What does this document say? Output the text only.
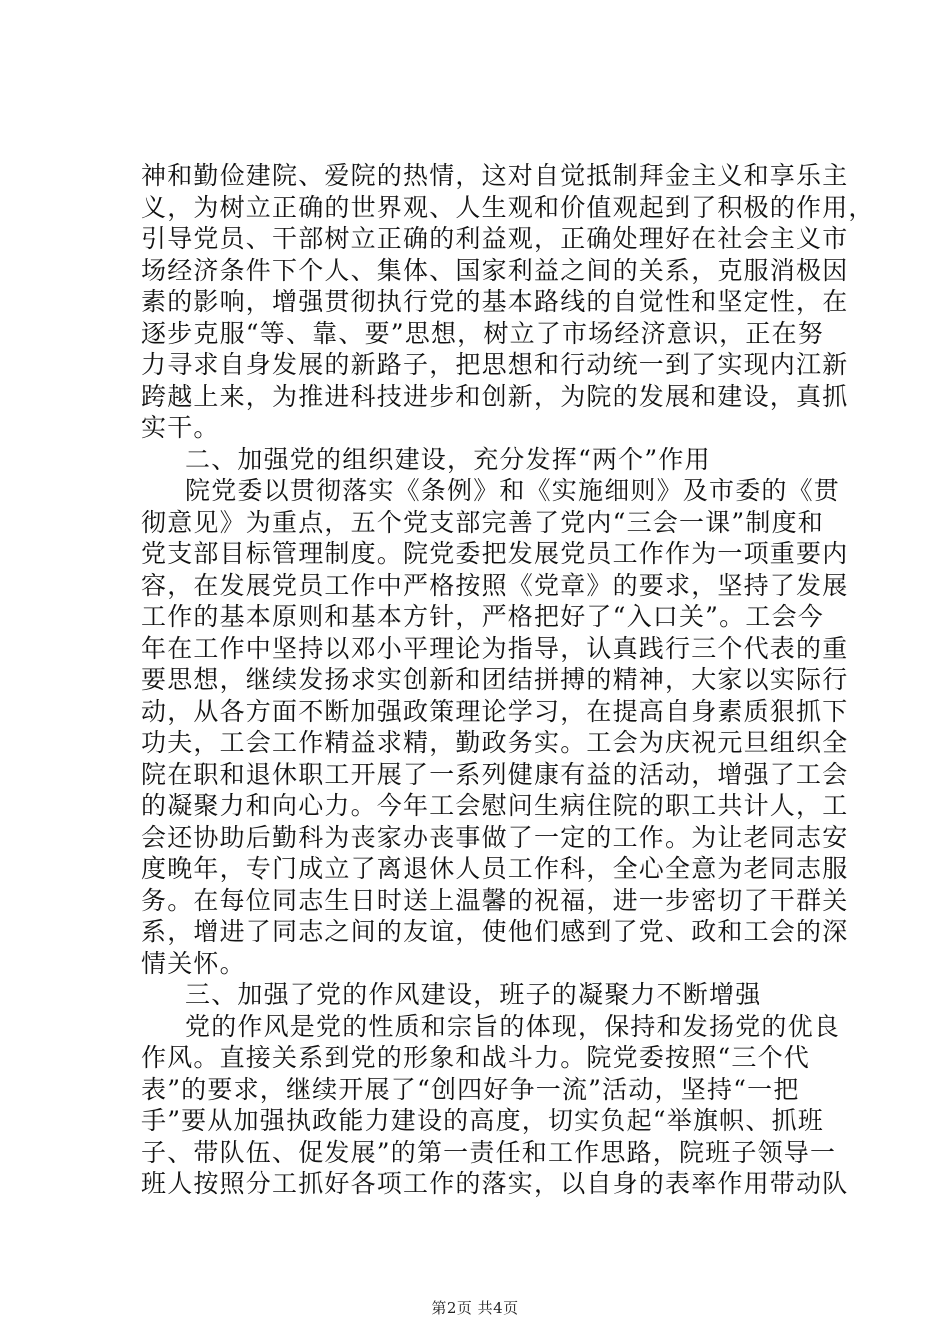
神和勤俭建院、爱院的热情，这对自觉抵制拜金主义和享乐主
义，为树立正确的世界观、人生观和价值观起到了积极的作用，
引导党员、干部树立正确的利益观，正确处理好在社会主义市
场经济条件下个人、集体、国家利益之间的关系，克服消极因
素的影响，增强贯彻执行党的基本路线的自觉性和坚定性，在
逐步克服“等、靠、要”思想，树立了市场经济意识，正在努
力寻求自身发展的新路子，把思想和行动统一到了实现内江新
跨越上来，为推进科技进步和创新，为院的发展和建设，真抓
实干。
二、加强党的组织建设，充分发挥“两个”作用
院党委以贯彻落实《条例》和《实施细则》及市委的《贯
彻意见》为重点，五个党支部完善了党内“三会一课”制度和
党支部目标管理制度。院党委把发展党员工作作为一项重要内
容，在发展党员工作中严格按照《党章》的要求，坚持了发展
工作的基本原则和基本方针，严格把好了“入口关”。工会今
年在工作中坚持以邓小平理论为指导，认真践行三个代表的重
要思想，继续发扬求实创新和团结拼搏的精神，大家以实际行
动，从各方面不断加强政策理论学习，在提高自身素质狠抓下
功夫，工会工作精益求精，勤政务实。工会为庆祝元旦组织全
院在职和退休职工开展了一系列健康有益的活动，增强了工会
的凝聚力和向心力。今年工会慰问生病住院的职工共计人，工
会还协助后勤科为丧家办丧事做了一定的工作。为让老同志安
度晚年，专门成立了离退休人员工作科，全心全意为老同志服
务。在每位同志生日时送上温馨的祝福，进一步密切了干群关
系，增进了同志之间的友谊，使他们感到了党、政和工会的深
情关怀。
三、加强了党的作风建设，班子的凝聚力不断增强
党的作风是党的性质和宗旨的体现，保持和发扬党的优良
作风。直接关系到党的形象和战斗力。院党委按照“三个代
表”的要求，继续开展了“创四好争一流”活动，坚持“一把
手”要从加强执政能力建设的高度，切实负起“举旗帜、抓班
子、带队伍、促发展”的第一责任和工作思路，院班子领导一
班人按照分工抓好各项工作的落实，以自身的表率作用带动队
第2页 共4页
